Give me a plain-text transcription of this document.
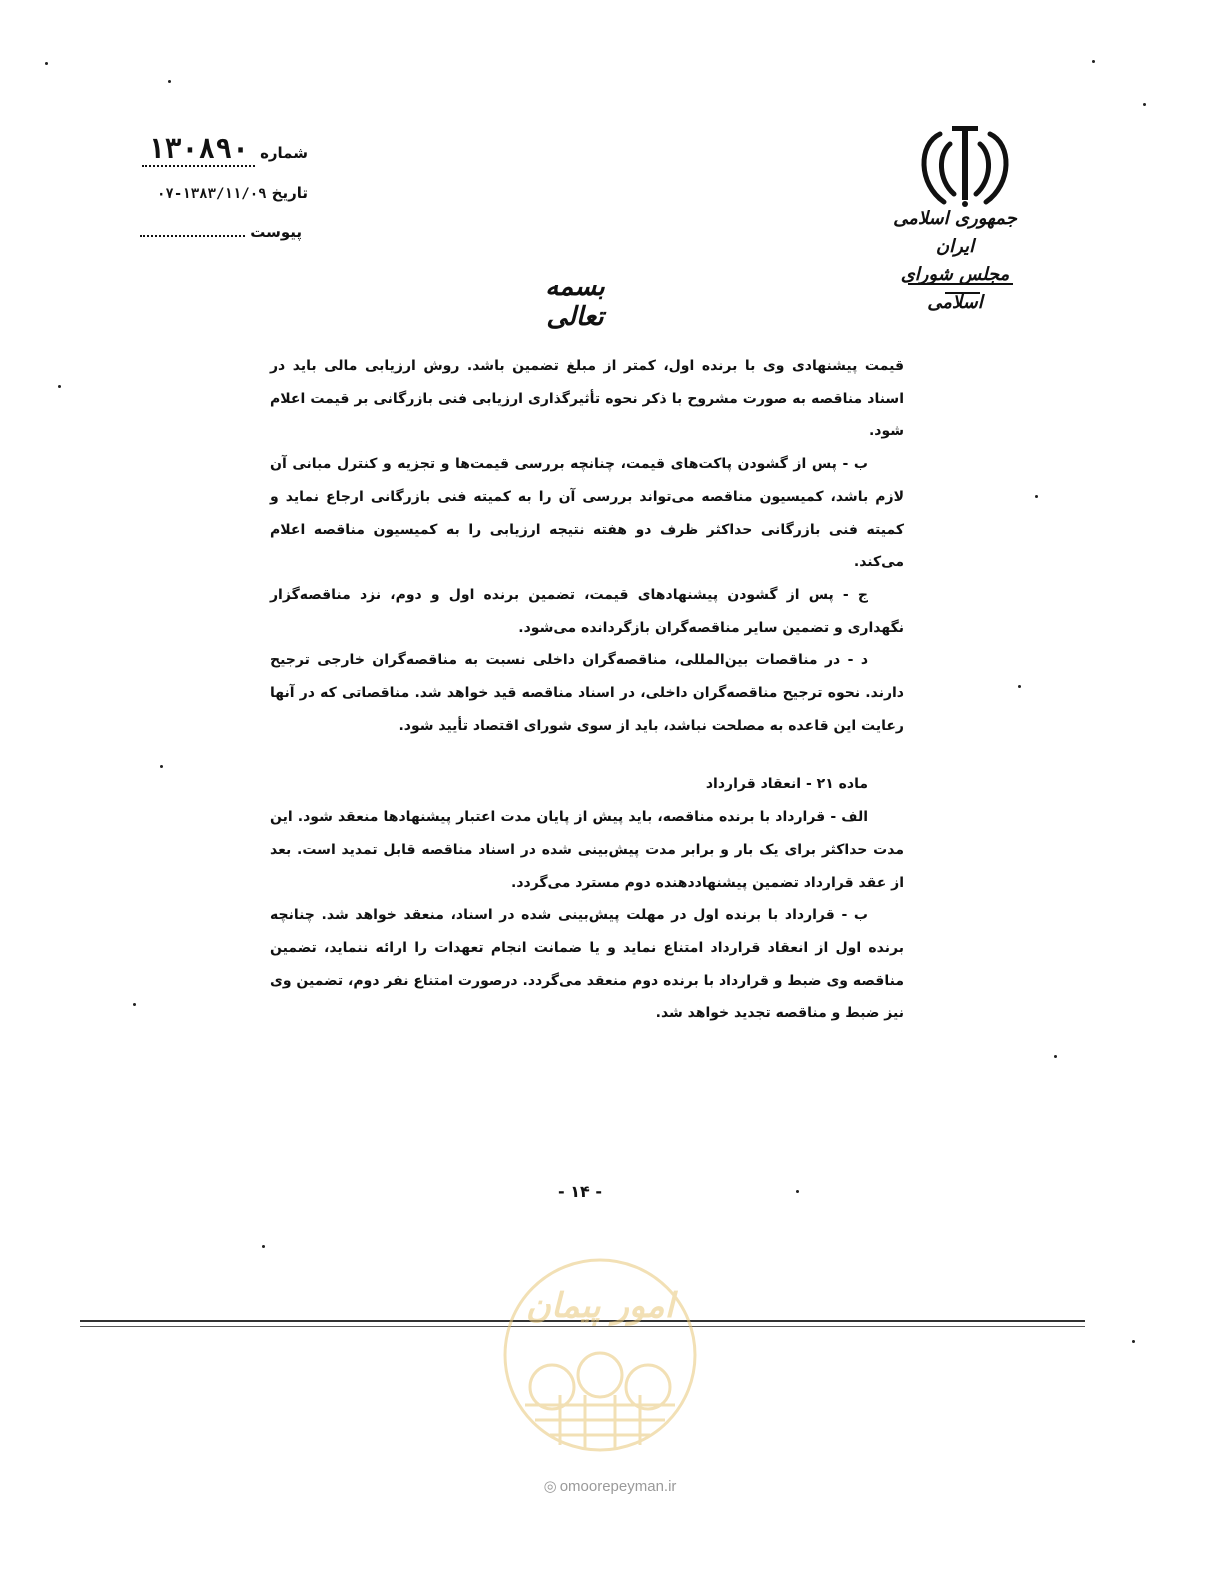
شماره ۱۳۰۸۹۰
تاریخ ۱۳۸۳/۱۱/۰۹-۰۷
پیوست
جمهوری اسلامی ایران
مجلس شورای اسلامی
بسمه تعالی

قیمت پیشنهادی وی با برنده اول، کمتر از مبلغ تضمین باشد. روش ارزیابی مالی باید در اسناد مناقصه به صورت مشروح با ذکر نحوه تأثیرگذاری ارزیابی فنی بازرگانی بر قیمت اعلام شود.

ب - پس از گشودن پاکت‌های قیمت، چنانچه بررسی قیمت‌ها و تجزیه و کنترل مبانی آن لازم باشد، کمیسیون مناقصه می‌تواند بررسی آن را به کمیته فنی بازرگانی ارجاع نماید و کمیته فنی بازرگانی حداکثر ظرف دو هفته نتیجه ارزیابی را به کمیسیون مناقصه اعلام می‌کند.

ج - پس از گشودن پیشنهادهای قیمت، تضمین برنده اول و دوم، نزد مناقصه‌گزار نگهداری و تضمین سایر مناقصه‌گران بازگردانده می‌شود.

د - در مناقصات بین‌المللی، مناقصه‌گران داخلی نسبت به مناقصه‌گران خارجی ترجیح دارند. نحوه ترجیح مناقصه‌گران داخلی، در اسناد مناقصه قید خواهد شد. مناقصاتی که در آنها رعایت این قاعده به مصلحت نباشد، باید از سوی شورای اقتصاد تأیید شود.

ماده ۲۱ - انعقاد قرارداد

الف - قرارداد با برنده مناقصه، باید پیش از پایان مدت اعتبار پیشنهادها منعقد شود. این مدت حداکثر برای یک بار و برابر مدت پیش‌بینی شده در اسناد مناقصه قابل تمدید است. بعد از عقد قرارداد تضمین پیشنهاددهنده دوم مسترد می‌گردد.

ب - قرارداد با برنده اول در مهلت پیش‌بینی شده در اسناد، منعقد خواهد شد. چنانچه برنده اول از انعقاد قرارداد امتناع نماید و یا ضمانت انجام تعهدات را ارائه ننماید، تضمین مناقصه وی ضبط و قرارداد با برنده دوم منعقد می‌گردد. درصورت امتناع نفر دوم، تضمین وی نیز ضبط و مناقصه تجدید خواهد شد.

- ۱۴ -
امور پیمان
◎ omoorepeyman.ir
